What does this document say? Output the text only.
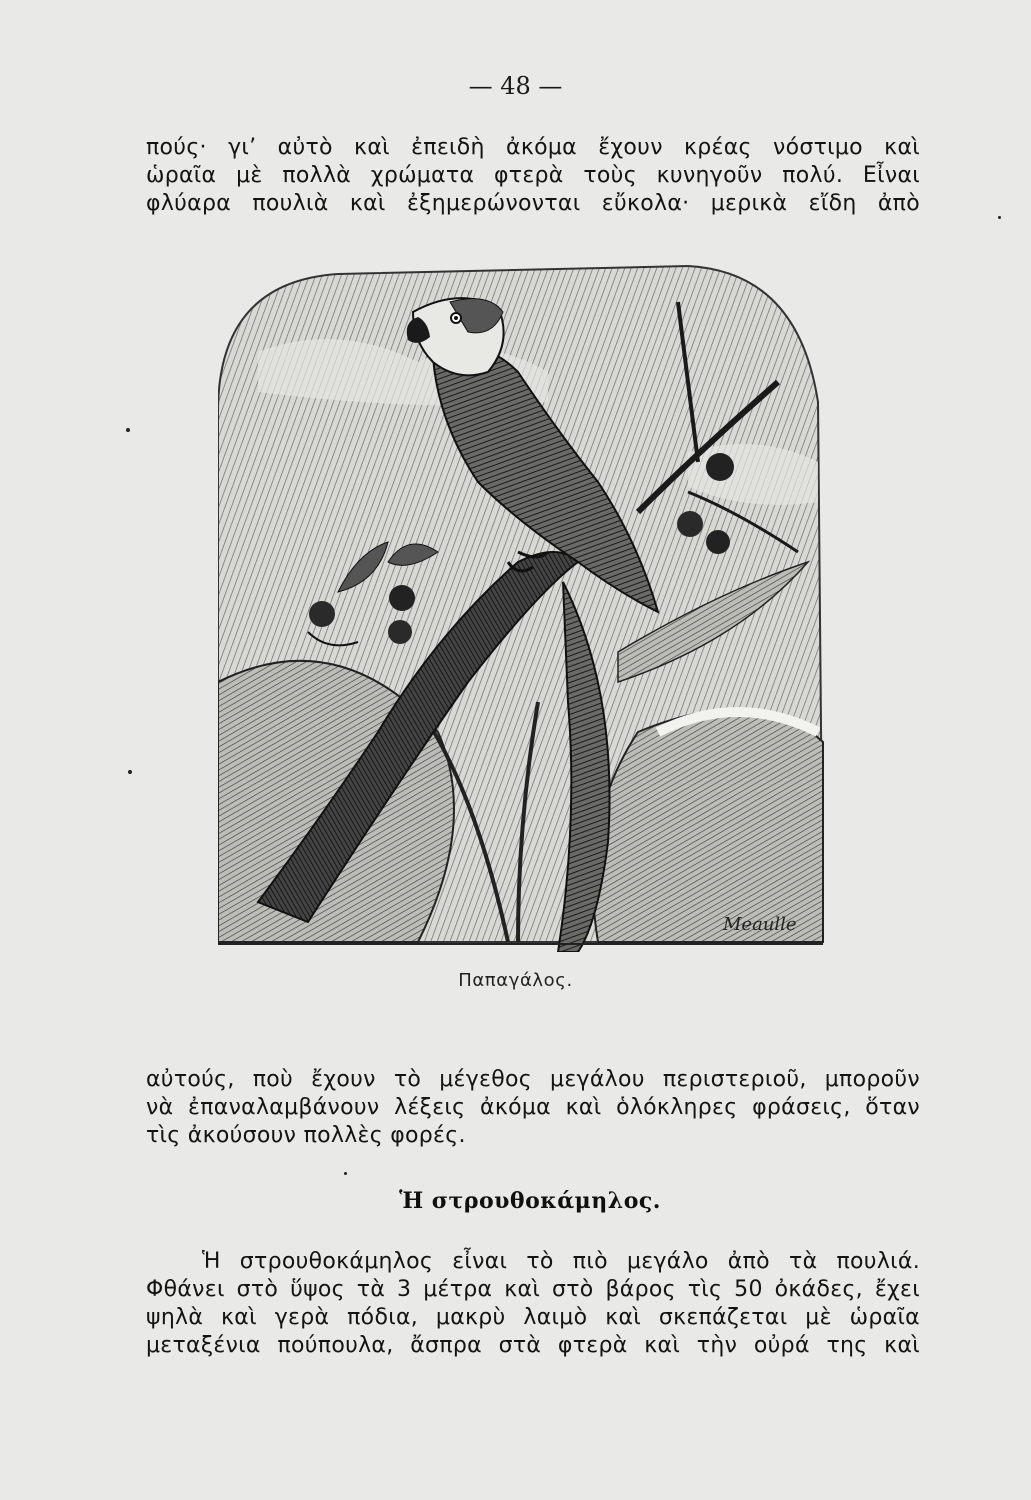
— 48 —
πούς· γι’ αὐτὸ καὶ ἐπειδὴ ἀκόμα ἔχουν κρέας νόστιμο καὶ
ὡραῖα μὲ πολλὰ χρώματα φτερὰ τοὺς κυνηγοῦν πολύ. Εἶναι
φλύαρα πουλιὰ καὶ ἐξημερώνονται εὔκολα· μερικὰ εἴδη ἀπὸ
Meaulle
Παπαγάλος.
αὐτούς, ποὺ ἔχουν τὸ μέγεθος μεγάλου περιστεριοῦ, μποροῦν
νὰ ἐπαναλαμβάνουν λέξεις ἀκόμα καὶ ὁλόκληρες φράσεις, ὅταν
τὶς ἀκούσουν πολλὲς φορές.
Ἡ στρουθοκάμηλος.
Ἡ στρουθοκάμηλος εἶναι τὸ πιὸ μεγάλο ἀπὸ τὰ πουλιά.
Φθάνει στὸ ὕψος τὰ 3 μέτρα καὶ στὸ βάρος τὶς 50 ὀκάδες, ἔχει
ψηλὰ καὶ γερὰ πόδια, μακρὺ λαιμὸ καὶ σκεπάζεται μὲ ὡραῖα
μεταξένια πούπουλα, ἄσπρα στὰ φτερὰ καὶ τὴν οὐρά της καὶ
